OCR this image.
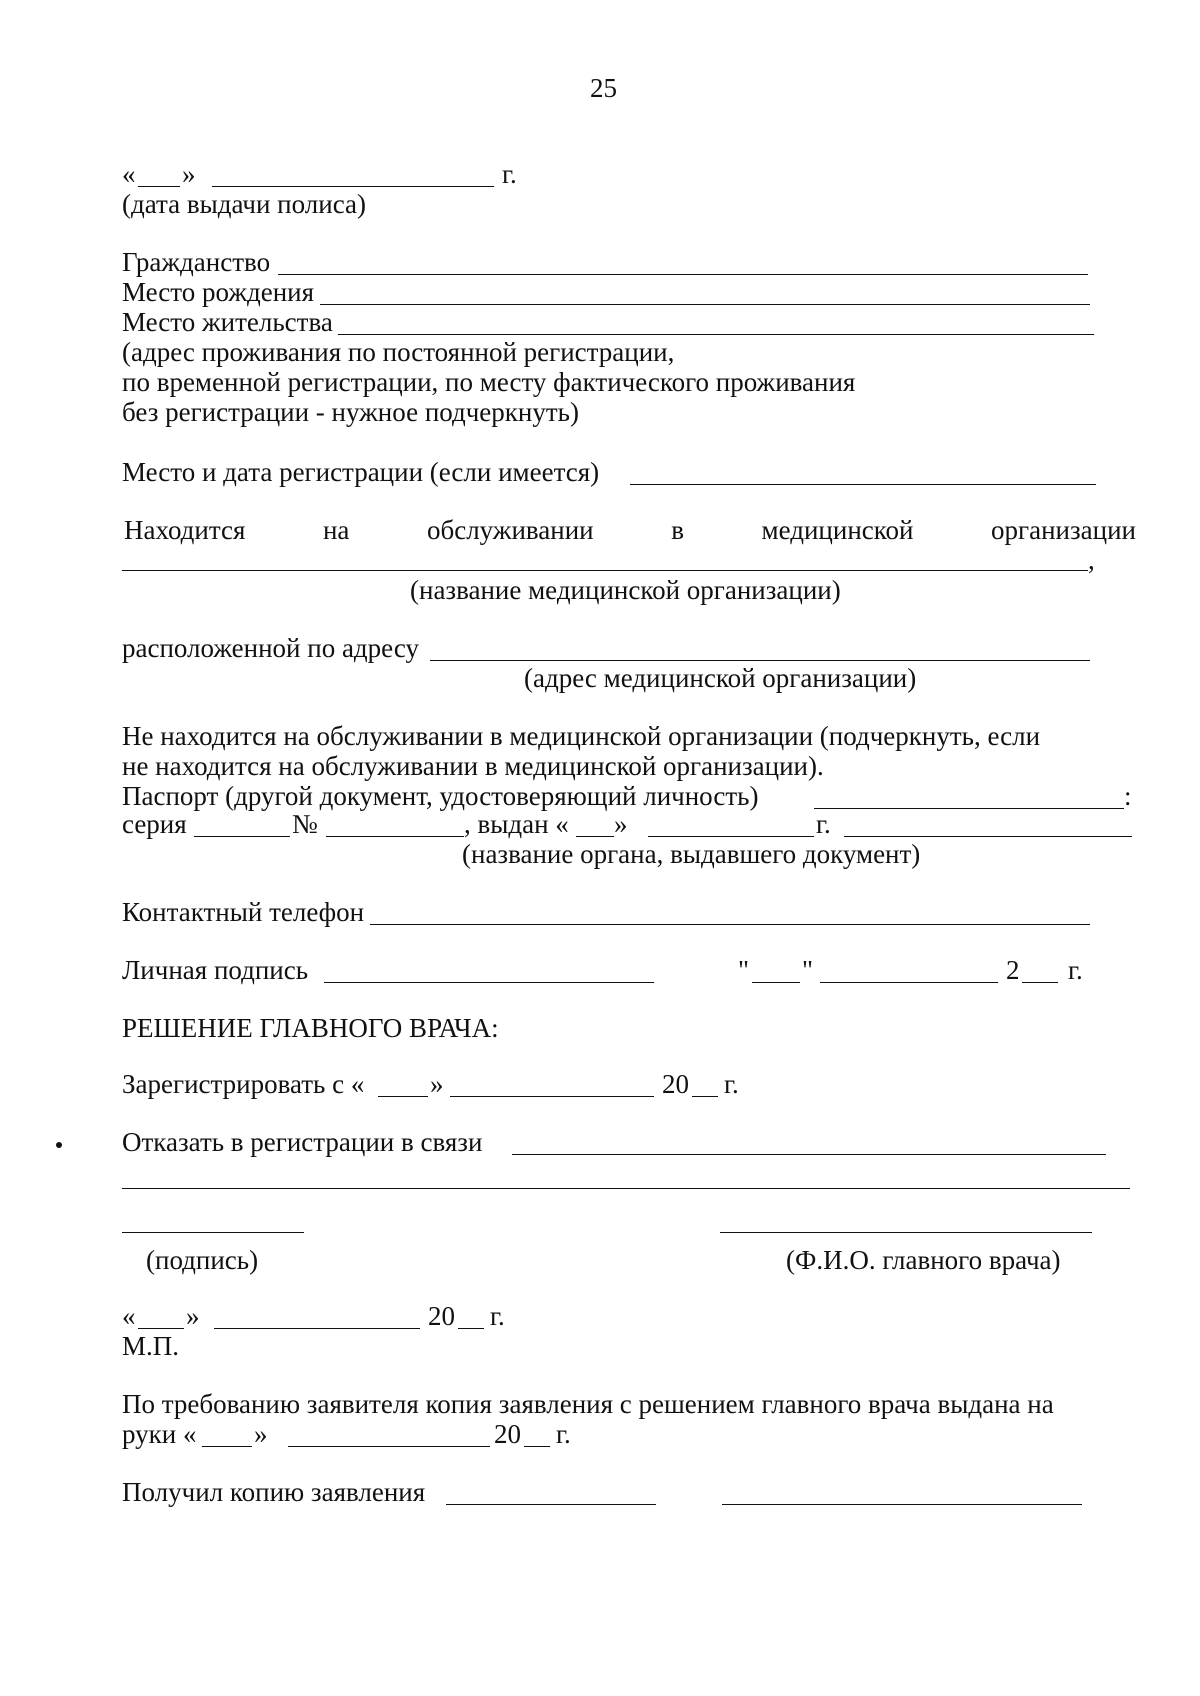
25
« »	г.
(дата выдачи полиса)
Гражданство
Место рождения
Место жительства
(адрес проживания по постоянной регистрации,
по временной регистрации, по месту фактического проживания
без регистрации - нужное подчеркнуть)
Место и дата регистрации (если имеется)
Находится	на	обслуживании	в	медицинской	организации
,
(название медицинской организации)
расположенной по адресу
(адрес медицинской организации)
Не находится на обслуживании в медицинской организации (подчеркнуть, если
не находится на обслуживании в медицинской организации).
Паспорт (другой документ, удостоверяющий личность)	:
серия	№	, выдан « »	г.
(название органа, выдавшего документ)
Контактный телефон
Личная подпись	" "	2 г.
РЕШЕНИЕ ГЛАВНОГО ВРАЧА:
Зарегистрировать с « »	20 г.
Отказать в регистрации в связи
(подпись)	(Ф.И.О. главного врача)
« »	20 г.
М.П.
По требованию заявителя копия заявления с решением главного врача выдана на
руки « »	20 г.
Получил копию заявления
